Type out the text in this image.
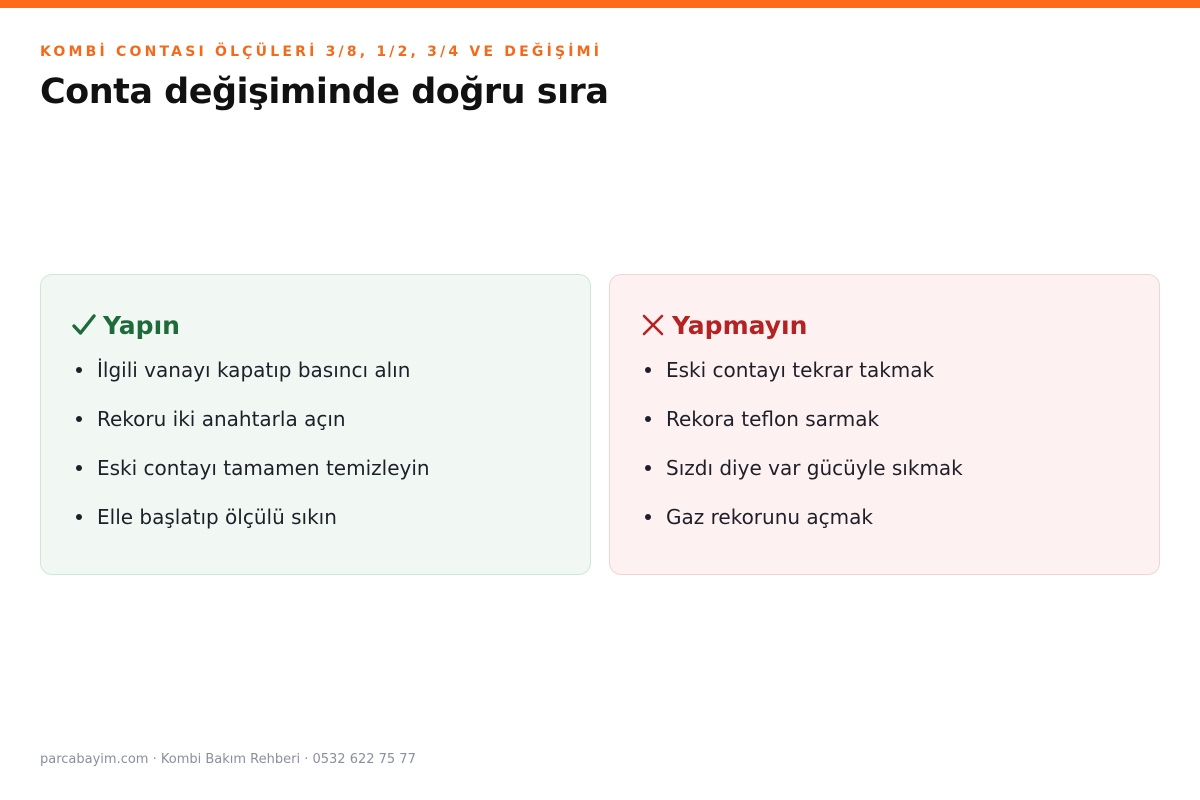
KOMBİ CONTASI ÖLÇÜLERİ 3/8, 1/2, 3/4 VE DEĞİŞİMİ
Conta değişiminde doğru sıra
Yapın
İlgili vanayı kapatıp basıncı alın
Rekoru iki anahtarla açın
Eski contayı tamamen temizleyin
Elle başlatıp ölçülü sıkın
Yapmayın
Eski contayı tekrar takmak
Rekora teflon sarmak
Sızdı diye var gücüyle sıkmak
Gaz rekorunu açmak
parcabayim.com · Kombi Bakım Rehberi · 0532 622 75 77
